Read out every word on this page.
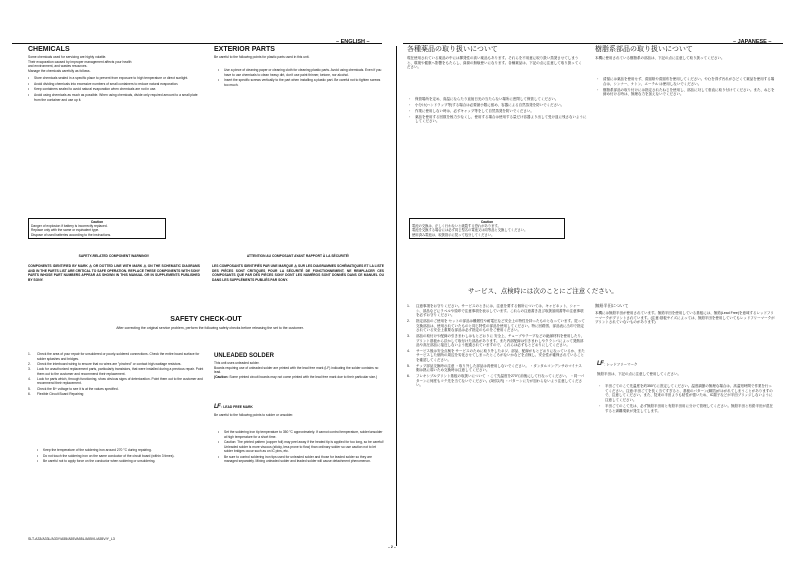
– ENGLISH –	– JAPANESE –
CHEMICALS
Some chemicals used for servicing are highly volatile.
Their evaporation caused by improper management affects your health
and environment, and wastes resources.
Manage the chemicals carefully as follows.
• Store chemicals sealed in a specific place to prevent from exposure to high temperature or direct sunlight.
• Avoid dividing chemicals into excessive numbers of small containers to reduce natural evaporation.
• Keep containers sealed to avoid natural evaporation when chemicals are not in use.
• Avoid using chemicals as much as possible. When using chemicals, divide only required amount to a small plate from the container and use up it.
EXTERIOR PARTS
Be careful to the following points for plastic parts used in this unit.
• Use a piece of cleaning paper or cleaning cloth for cleaning plastic parts. Avoid using chemicals. Even if you have to use chemicals to clean heavy dirt, don't use paint thinner, ketone, nor alcohol.
• Insert the specific screws vertically to the part when installing a plastic part. Be careful not to tighten screws too much.
Caution
Danger of explosion if battery is incorrectly replaced.
Replace only with the same or equivalent type.
Dispose of used batteries according to the instructions.
SAFETY-RELATED COMPONENT WARNING!!
COMPONENTS IDENTIFIED BY MARK ⚠ OR DOTTED LINE WITH MARK ⚠ ON THE SCHEMATIC DIAGRAMS AND IN THE PARTS LIST ARE CRITICAL TO SAFE OPERATION. REPLACE THESE COMPONENTS WITH SONY PARTS WHOSE PART NUMBERS APPEAR AS SHOWN IN THIS MANUAL OR IN SUPPLEMENTS PUBLISHED BY SONY.
ATTENTION AU COMPOSANT AYANT RAPPORT À LA SÉCURITÉ!
LES COMPOSANTS IDENTIFIÉS PAR UNE MARQUE ⚠ SUR LES DIAGRAMMES SCHÉMATIQUES ET LA LISTE DES PIÈCES SONT CRITIQUES POUR LA SÉCURITÉ DE FONCTIONNEMENT. NE REMPLACER CES COMPOSANTS QUE PAR DES PIÈCES SONY DONT LES NUMÉROS SONT DONNÉS DANS CE MANUEL OU DANS LES SUPPLÉMENTS PUBLIÉS PAR SONY.
SAFETY CHECK-OUT
After correcting the original service problem, perform the following safety checks before releasing the set to the customer.
1. Check the area of your repair for unsoldered or poorly-soldered connections. Check the entire board surface for solder splashes and bridges.
2. Check the interboard wiring to ensure that no wires are "pinched" or contact high-wattage resistors.
3. Look for unauthorized replacement parts, particularly transistors, that were installed during a previous repair. Point them out to the customer and recommend their replacement.
4. Look for parts which, through functioning, show obvious signs of deterioration. Point them out to the customer and recommend their replacement.
5. Check the B+ voltage to see it is at the values specified.
6. Flexible Circuit Board Repairing
• Keep the temperature of the soldering iron around 270 °C during repairing.
• Do not touch the soldering iron on the same conductor of the circuit board (within 3 times).
• Be careful not to apply force on the conductor when soldering or unsoldering.
UNLEADED SOLDER
This unit uses unleaded solder.
Boards requiring use of unleaded solder are printed with the lead free mark (LF) indicating the solder contains no lead.
(Caution: Some printed circuit boards may not come printed with the lead free mark due to their particular size.)
LF : LEAD FREE MARK
Be careful to the following points to solder or unsolder.
• Set the soldering iron tip temperature to 350 °C approximately. If cannot control temperature, solder/unsolder at high temperature for a short time.
• Caution: The printed pattern (copper foil) may peel away if the heated tip is applied for too long, so be careful! Unleaded solder is more viscous (sticky, less prone to flow) than ordinary solder so use caution not to let solder bridges occur such as on IC pins, etc.
• Be sure to control soldering iron tips used for unleaded solder and those for leaded solder so they are managed separately. Mixing unleaded solder and leaded solder will cause detachment phenomenon.
SLT-A33/A33L/A33Y/A55/A55VA55L/A55VL/A55V/Y_L3
– 2 –
各種薬品の取り扱いについて
現在使用されている薬品の中には揮発性の高い薬品もあります。それらを不用意に取り扱い蒸発させてしまうと、環境や健康へ影響をもたらし、資源の無駄使いになります。各種薬品は、下記の点に注意して取り扱ってください。
・ 保管場所を定め、高温にならたり直射日光の当たらない場所に密閉して保管してください。
・ 小分け(ハンドラップ等)する場合は必要最小限に留め、容器による自然蒸発を防いでください。
・ 作業に使用しない時は、必ずキャップ等をして自然蒸発を防いでください。
・ 薬品を使用する回数を極力少なくし、使用する場合は使用する量だけ容器より出して受け皿に残さないようにしてください。
樹脂系部品の取り扱いについて
本機に使用されている樹脂系の部品は、下記の点に注意して取り扱ってください。
・ 清掃には薬品を使用せず、清掃紙や清掃布を使用してください。やむを得ず汚れがひどくて薬品を使用する場合は、シンナー、ケトン、エーテル は使用しないでください。
・ 樹脂系部品の取り付けには指定されたねじを使用し、部品に対して垂直に取り付けてください。また、ねじを締め付ける時は、無理な力を加えないでください。
Caution
電池の交換は、正しく行わないと破裂する恐れがあります。
電池を交換する場合には必ず同じ型名の電池又は同等品と交換してください。
使用済み電池は、取扱指示に従って処分してください。
サービス、点検時には次のことにご注意ください。
1. 注意事項をお守りください。サービスのときには、注意を要する個所については、キャビネット、シャーシ、部品などにラベルや捺印で注意事項を表示しています。これらの注意書き及び取扱説明書等の注意事項を必ずお守りください。
2. 指定部品のご使用を セットの部品は難燃性や耐電圧など安全上の特性を持ったものとなっています。従って交換部品は、使用されていたものと同じ特性の部品を使用してください。特に回路図、部品表に⚠印で指定されている安全上重要な部品は必ず指定のものをご使用ください。
3. 部品の取付けや配線の引きまわしはもとどおりに 安全上、チューブやテープなどの絶縁材料を使用したり、プリント基板から浮かして取付けた部品があります。また内部配線は引きまわしやクランパによって発熱部品や高圧部品に接近しないよう配慮されていますので、これらは必ずもとどおりにしてください。
4. サービス後は安全点検を サービスのために取り外したネジ、部品、配線がもとどおりになっているか、またサービスした個所の周辺を劣化させてしまったところがないかなどを点検し、安全性が確保されていることを確認してください。
5. チップ部品交換時の注意 ・取り外した部品は再使用しないでください。 ・タンタルコンデンサのマイナス側は熱に弱いため交換時は注意してください。
6. フレキシブルプリント基板の取扱いについて ・こて先温度を270℃前後にして行なってください。 ・同一パターンに何度もコテ先を当てないでください。(3回以内) ・パターンに力が加わらないよう注意してください。
無鉛半田について
本機には無鉛半田が使用されています。無鉛半田を使用している基板には、無鉛(Lead Free)を意味するレッドフリーマークがプリントされています。(注意:基板サイズによっては、無鉛半田を使用していてもレッドフリーマークがプリントされていないものがあります)
LF : レッドフリーマーク
無鉛半田は、下記の点に注意して使用してください。
・ 半田ごてのこて先温度を約350℃に設定してください。温度調節の無理な場合は、高温短時間で作業を行ってください。注意:半田ごてを長く当てすぎると、基板のパターン(銅箔)がはがれてしまうことがありますので、注意してください。また、従来の半田よりも粘性が強いため、IC端子などが半田ブリッジしないように注意してください。
・ 半田ごてのこて先は、必ず無鉛半田用と有鉛半田用に分けて管理してください。無鉛半田と有鉛半田が混在すると剥離現象が発生してします。
